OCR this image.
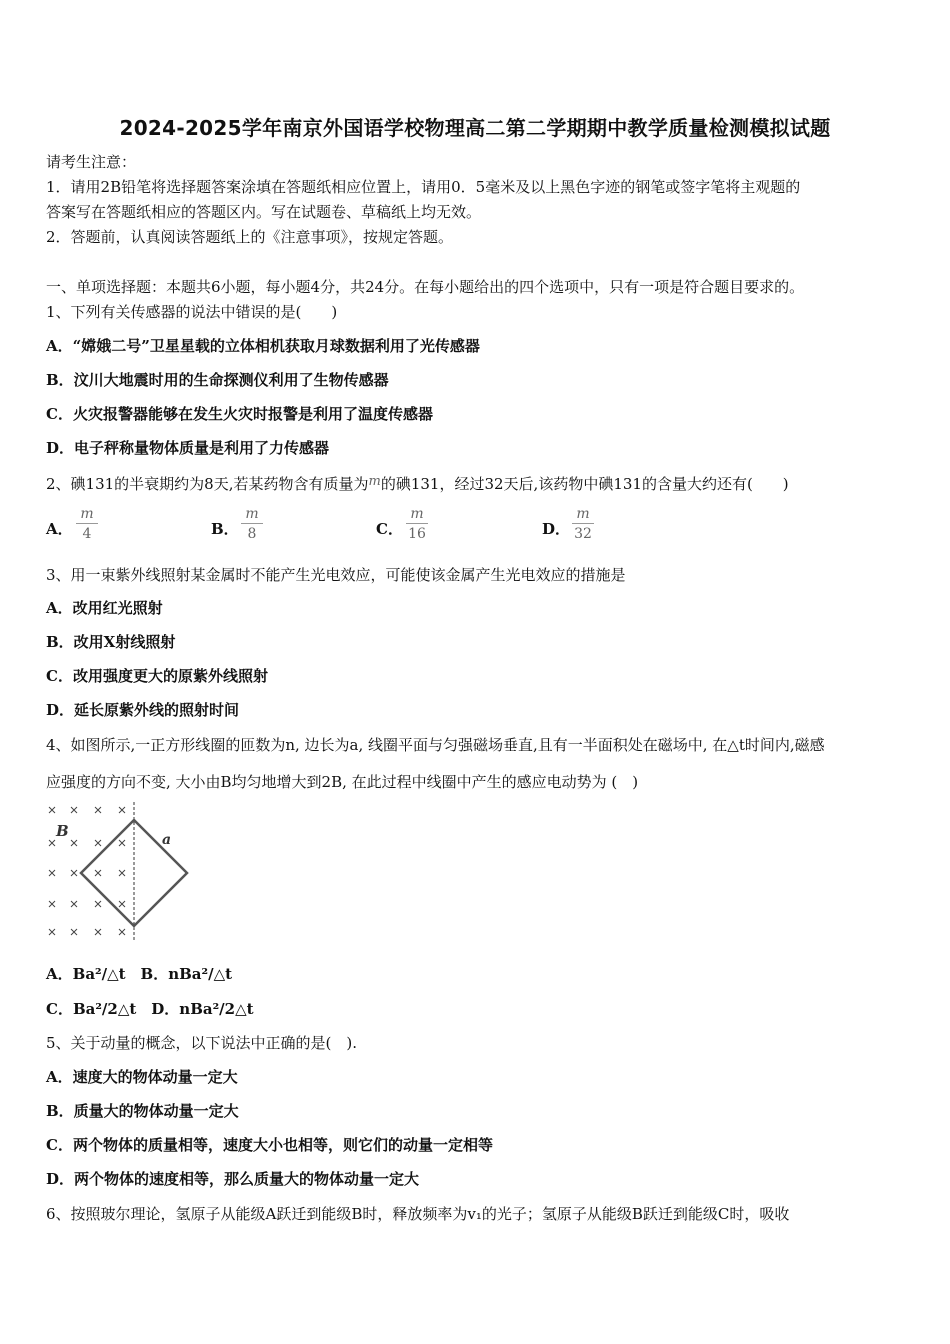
2024-2025学年南京外国语学校物理高二第二学期期中教学质量检测模拟试题
请考生注意：
1．请用2B铅笔将选择题答案涂填在答题纸相应位置上，请用0．5毫米及以上黑色字迹的钢笔或签字笔将主观题的
答案写在答题纸相应的答题区内。写在试题卷、草稿纸上均无效。
2．答题前，认真阅读答题纸上的《注意事项》，按规定答题。
一、单项选择题：本题共6小题，每小题4分，共24分。在每小题给出的四个选项中，只有一项是符合题目要求的。
1、下列有关传感器的说法中错误的是(　　)
A．“嫦娥二号”卫星星载的立体相机获取月球数据利用了光传感器
B．汶川大地震时用的生命探测仪利用了生物传感器
C．火灾报警器能够在发生火灾时报警是利用了温度传感器
D．电子秤称量物体质量是利用了力传感器
2、碘131的半衰期约为8天,若某药物含有质量为m的碘131，经过32天后,该药物中碘131的含量大约还有(　　)
A．
m
4	B．
m
8	C．
m
16	D．
m
32
3、用一束紫外线照射某金属时不能产生光电效应，可能使该金属产生光电效应的措施是
A．改用红光照射
B．改用X射线照射
C．改用强度更大的原紫外线照射
D．延长原紫外线的照射时间
4、如图所示,一正方形线圈的匝数为n, 边长为a, 线圈平面与匀强磁场垂直,且有一半面积处在磁场中, 在△t时间内,磁感
应强度的方向不变, 大小由B均匀地增大到2B, 在此过程中线圈中产生的感应电动势为 (　)
B	a
A．Ba²/△t　B．nBa²/△t
C．Ba²/2△t　D．nBa²/2△t
5、关于动量的概念，以下说法中正确的是(　).
A．速度大的物体动量一定大
B．质量大的物体动量一定大
C．两个物体的质量相等，速度大小也相等，则它们的动量一定相等
D．两个物体的速度相等，那么质量大的物体动量一定大
6、按照玻尔理论，氢原子从能级A跃迁到能级B时，释放频率为v₁的光子；氢原子从能级B跃迁到能级C时，吸收
